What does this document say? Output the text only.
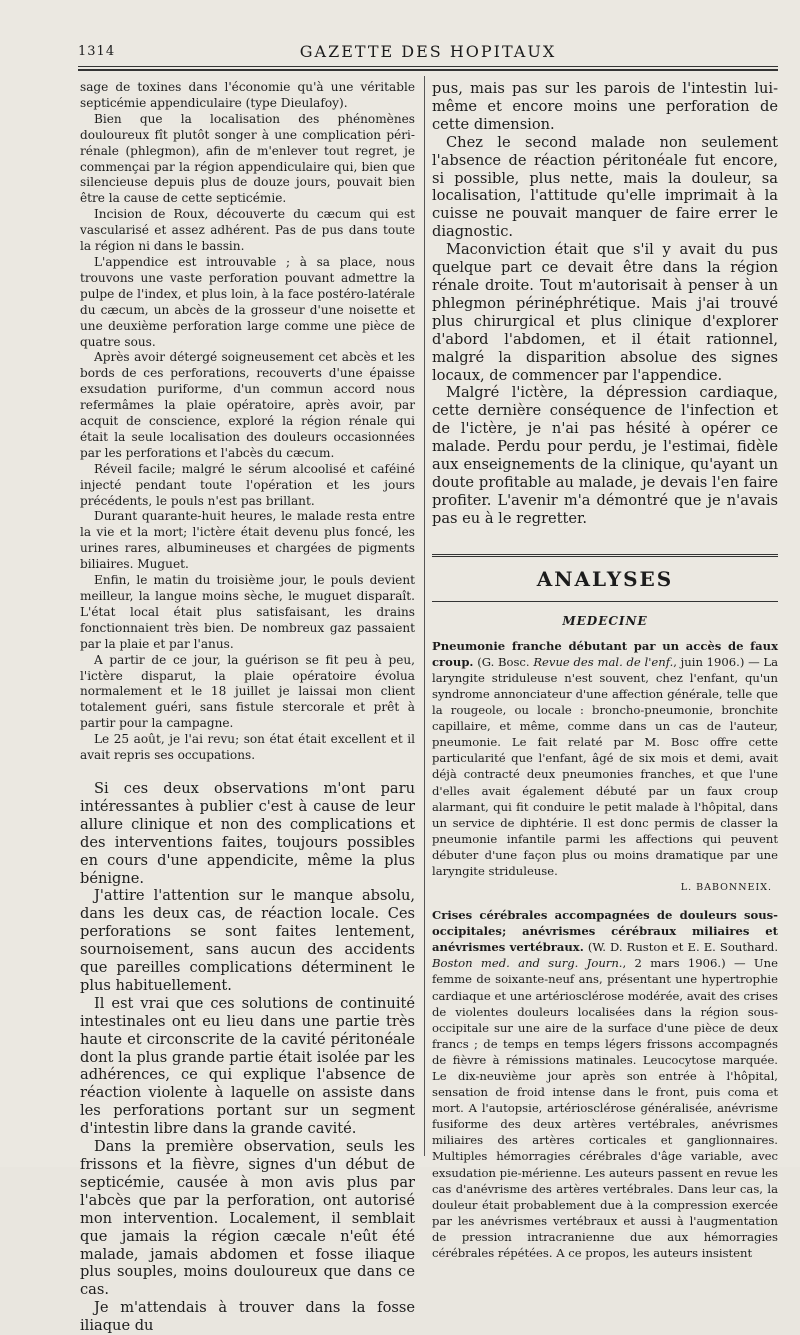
1314	GAZETTE DES HOPITAUX

sage de toxines dans l'économie qu'à une véritable septicémie appendiculaire (type Dieulafoy).

Bien que la localisation des phénomènes douloureux fît plutôt songer à une complication péri-rénale (phlegmon), afin de m'enlever tout regret, je commençai par la région appendiculaire qui, bien que silencieuse depuis plus de douze jours, pouvait bien être la cause de cette septicémie.

Incision de Roux, découverte du cæcum qui est vascularisé et assez adhérent. Pas de pus dans toute la région ni dans le bassin.

L'appendice est introuvable ; à sa place, nous trouvons une vaste perforation pouvant admettre la pulpe de l'index, et plus loin, à la face postéro-latérale du cæcum, un abcès de la grosseur d'une noisette et une deuxième perforation large comme une pièce de quatre sous.

Après avoir détergé soigneusement cet abcès et les bords de ces perforations, recouverts d'une épaisse exsudation puriforme, d'un commun accord nous refermâmes la plaie opératoire, après avoir, par acquit de conscience, exploré la région rénale qui était la seule localisation des douleurs occasionnées par les perforations et l'abcès du cæcum.

Réveil facile; malgré le sérum alcoolisé et caféiné injecté pendant toute l'opération et les jours précédents, le pouls n'est pas brillant.

Durant quarante-huit heures, le malade resta entre la vie et la mort; l'ictère était devenu plus foncé, les urines rares, albumineuses et chargées de pigments biliaires. Muguet.

Enfin, le matin du troisième jour, le pouls devient meilleur, la langue moins sèche, le muguet disparaît. L'état local était plus satisfaisant, les drains fonctionnaient très bien. De nombreux gaz passaient par la plaie et par l'anus.

A partir de ce jour, la guérison se fit peu à peu, l'ictère disparut, la plaie opératoire évolua normalement et le 18 juillet je laissai mon client totalement guéri, sans fistule stercorale et prêt à partir pour la campagne.

Le 25 août, je l'ai revu; son état était excellent et il avait repris ses occupations.

Si ces deux observations m'ont paru intéressantes à publier c'est à cause de leur allure clinique et non des complications et des interventions faites, toujours possibles en cours d'une appendicite, même la plus bénigne.

J'attire l'attention sur le manque absolu, dans les deux cas, de réaction locale. Ces perforations se sont faites lentement, sournoisement, sans aucun des accidents que pareilles complications déterminent le plus habituellement.

Il est vrai que ces solutions de continuité intestinales ont eu lieu dans une partie très haute et circonscrite de la cavité péritonéale dont la plus grande partie était isolée par les adhérences, ce qui explique l'absence de réaction violente à laquelle on assiste dans les perforations portant sur un segment d'intestin libre dans la grande cavité.

Dans la première observation, seuls les frissons et la fièvre, signes d'un début de septicémie, causée à mon avis plus par l'abcès que par la perforation, ont autorisé mon intervention. Localement, il semblait que jamais la région cæcale n'eût été malade, jamais abdomen et fosse iliaque plus souples, moins douloureux que dans ce cas.

Je m'attendais à trouver dans la fosse iliaque du

pus, mais pas sur les parois de l'intestin lui-même et encore moins une perforation de cette dimension.

Chez le second malade non seulement l'absence de réaction péritonéale fut encore, si possible, plus nette, mais la douleur, sa localisation, l'attitude qu'elle imprimait à la cuisse ne pouvait manquer de faire errer le diagnostic.

Maconviction était que s'il y avait du pus quelque part ce devait être dans la région rénale droite. Tout m'autorisait à penser à un phlegmon périnéphrétique. Mais j'ai trouvé plus chirurgical et plus clinique d'explorer d'abord l'abdomen, et il était rationnel, malgré la disparition absolue des signes locaux, de commencer par l'appendice.

Malgré l'ictère, la dépression cardiaque, cette dernière conséquence de l'infection et de l'ictère, je n'ai pas hésité à opérer ce malade. Perdu pour perdu, je l'estimai, fidèle aux enseignements de la clinique, qu'ayant un doute profitable au malade, je devais l'en faire profiter. L'avenir m'a démontré que je n'avais pas eu à le regretter.

ANALYSES
MEDECINE

Pneumonie franche débutant par un accès de faux croup. (G. Bosc. Revue des mal. de l'enf., juin 1906.) — La laryngite striduleuse n'est souvent, chez l'enfant, qu'un syndrome annonciateur d'une affection générale, telle que la rougeole, ou locale : broncho-pneumonie, bronchite capillaire, et même, comme dans un cas de l'auteur, pneumonie. Le fait relaté par M. Bosc offre cette particularité que l'enfant, âgé de six mois et demi, avait déjà contracté deux pneumonies franches, et que l'une d'elles avait également débuté par un faux croup alarmant, qui fit conduire le petit malade à l'hôpital, dans un service de diphtérie. Il est donc permis de classer la pneumonie infantile parmi les affections qui peuvent débuter d'une façon plus ou moins dramatique par une laryngite striduleuse.

L. BABONNEIX.

Crises cérébrales accompagnées de douleurs sous-occipitales; anévrismes cérébraux miliaires et anévrismes vertébraux. (W. D. Ruston et E. E. Southard. Boston med. and surg. Journ., 2 mars 1906.) — Une femme de soixante-neuf ans, présentant une hypertrophie cardiaque et une artériosclérose modérée, avait des crises de violentes douleurs localisées dans la région sous-occipitale sur une aire de la surface d'une pièce de deux francs ; de temps en temps légers frissons accompagnés de fièvre à rémissions matinales. Leucocytose marquée. Le dix-neuvième jour après son entrée à l'hôpital, sensation de froid intense dans le front, puis coma et mort. A l'autopsie, artériosclérose généralisée, anévrisme fusiforme des deux artères vertébrales, anévrismes miliaires des artères corticales et ganglionnaires. Multiples hémorragies cérébrales d'âge variable, avec exsudation pie-mérienne. Les auteurs passent en revue les cas d'anévrisme des artères vertébrales. Dans leur cas, la douleur était probablement due à la compression exercée par les anévrismes vertébraux et aussi à l'augmentation de pression intracranienne due aux hémorragies cérébrales répétées. A ce propos, les auteurs insistent
